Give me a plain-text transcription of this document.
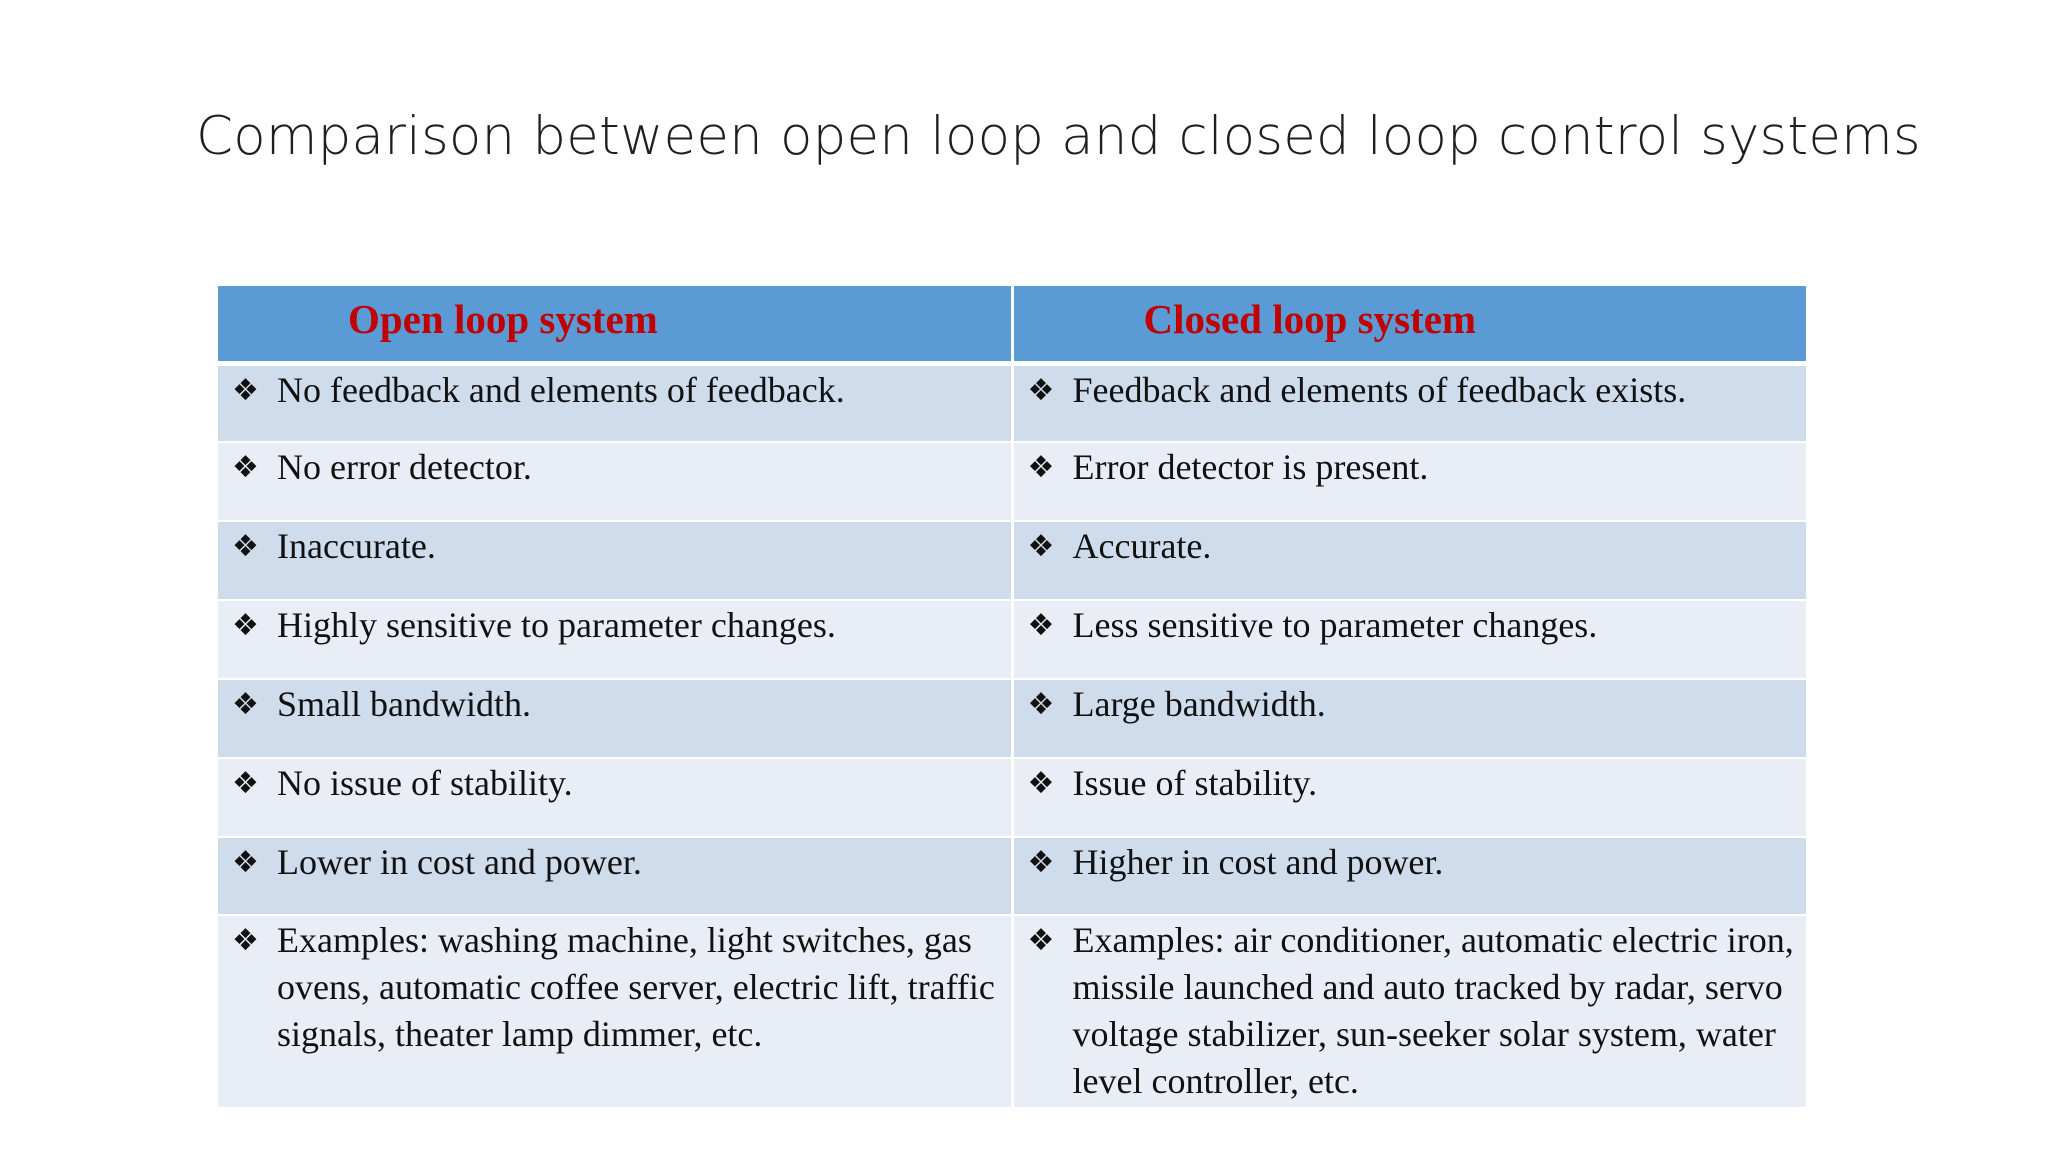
Comparison between open loop and closed loop control systems
Open loop system	Closed loop system

❖ No feedback and elements of feedback.	❖ Feedback and elements of feedback exists.

❖ No error detector.	❖ Error detector is present.

❖ Inaccurate.	❖ Accurate.

❖ Highly sensitive to parameter changes.	❖ Less sensitive to parameter changes.

❖ Small bandwidth.	❖ Large bandwidth.

❖ No issue of stability.	❖ Issue of stability.

❖ Lower in cost and power.	❖ Higher in cost and power.

❖ Examples: washing machine, light switches, gas ovens, automatic coffee server, electric lift, traffic signals, theater lamp dimmer, etc.	❖ Examples: air conditioner, automatic electric iron, missile launched and auto tracked by radar, servo voltage stabilizer, sun-seeker solar system, water level controller, etc.
